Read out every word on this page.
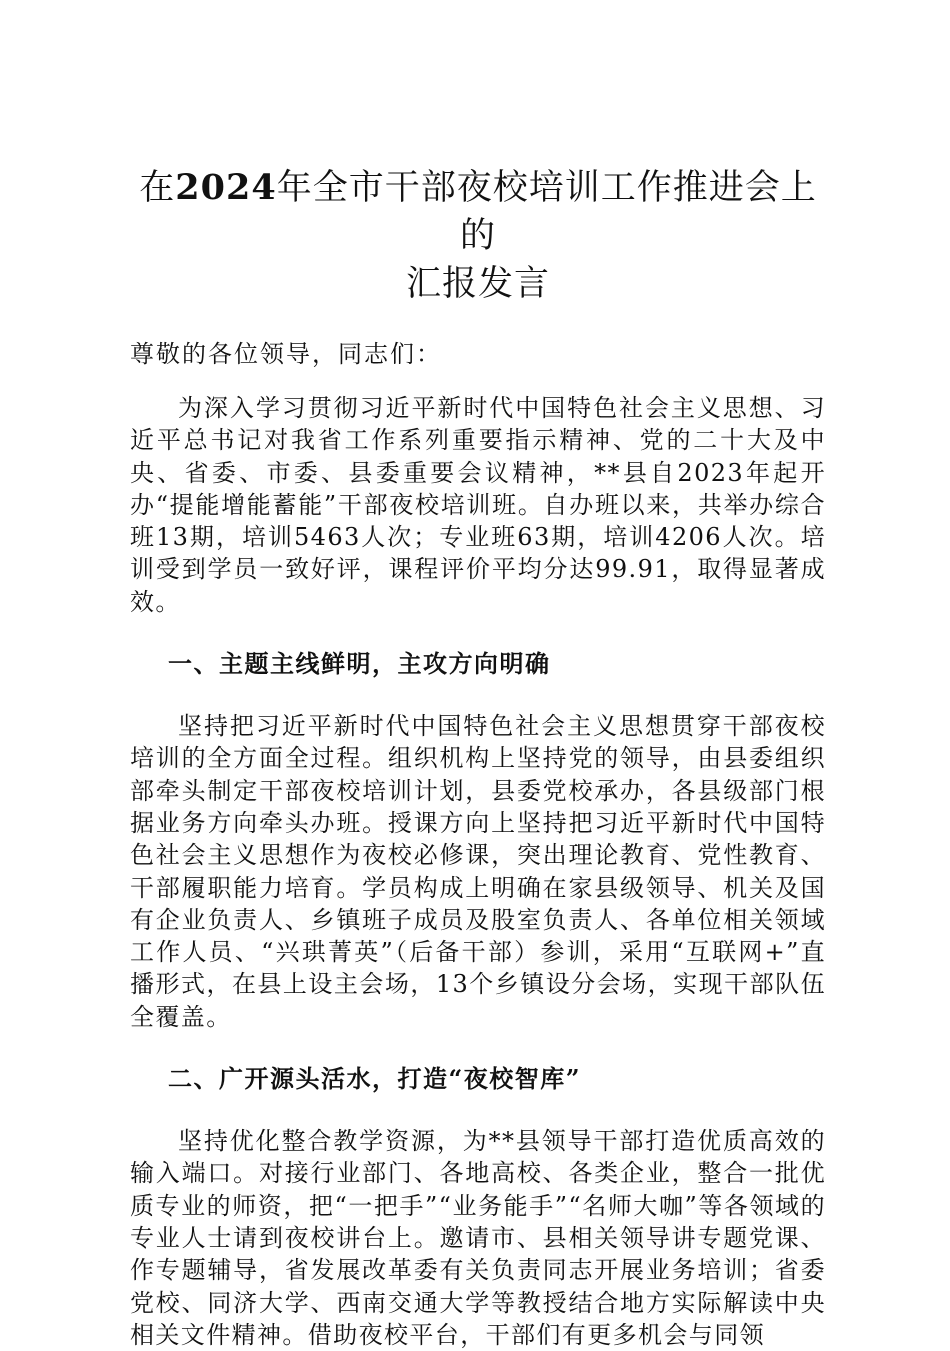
在2024年全市干部夜校培训工作推进会上的
汇报发言

尊敬的各位领导，同志们：

为深入学习贯彻习近平新时代中国特色社会主义思想、习近平总书记对我省工作系列重要指示精神、党的二十大及中央、省委、市委、县委重要会议精神，**县自2023年起开办“提能增能蓄能”干部夜校培训班。自办班以来，共举办综合班13期，培训5463人次；专业班63期，培训4206人次。培训受到学员一致好评，课程评价平均分达99.91，取得显著成效。

一、主题主线鲜明，主攻方向明确

坚持把习近平新时代中国特色社会主义思想贯穿干部夜校培训的全方面全过程。组织机构上坚持党的领导，由县委组织部牵头制定干部夜校培训计划，县委党校承办，各县级部门根据业务方向牵头办班。授课方向上坚持把习近平新时代中国特色社会主义思想作为夜校必修课，突出理论教育、党性教育、干部履职能力培育。学员构成上明确在家县级领导、机关及国有企业负责人、乡镇班子成员及股室负责人、各单位相关领域工作人员、“兴珙菁英”（后备干部）参训，采用“互联网+”直播形式，在县上设主会场，13个乡镇设分会场，实现干部队伍全覆盖。

二、广开源头活水，打造“夜校智库”

坚持优化整合教学资源，为**县领导干部打造优质高效的输入端口。对接行业部门、各地高校、各类企业，整合一批优质专业的师资，把“一把手”“业务能手”“名师大咖”等各领域的专业人士请到夜校讲台上。邀请市、县相关领导讲专题党课、作专题辅导，省发展改革委有关负责同志开展业务培训；省委党校、同济大学、西南交通大学等教授结合地方实际解读中央相关文件精神。借助夜校平台，干部们有更多机会与同领
